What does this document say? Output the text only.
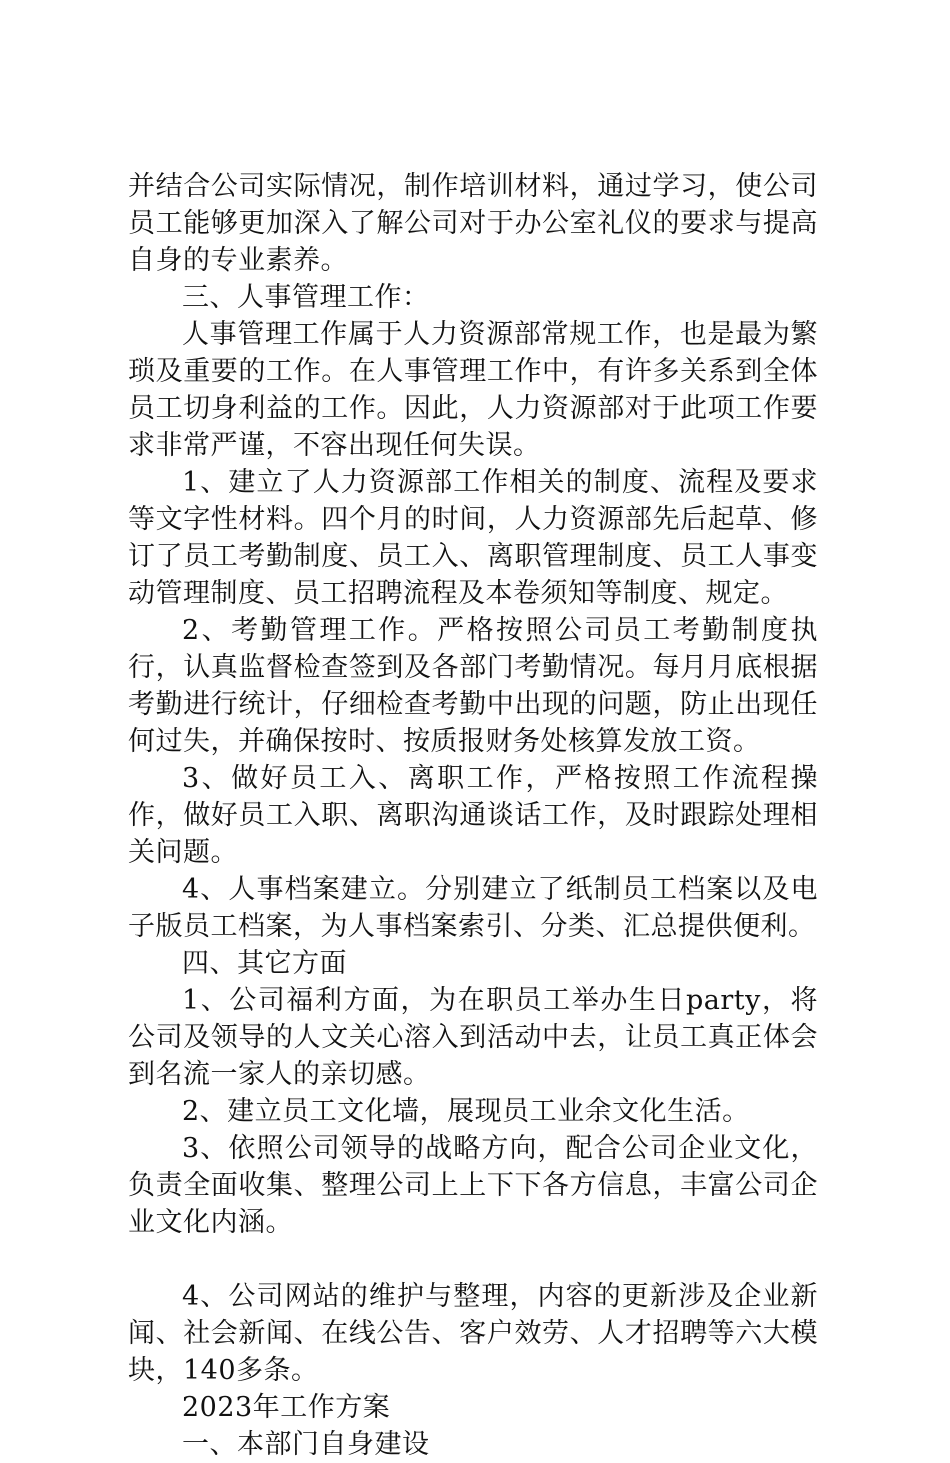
并结合公司实际情况，制作培训材料，通过学习，使公司员工能够更加深入了解公司对于办公室礼仪的要求与提高自身的专业素养。

三、人事管理工作：

人事管理工作属于人力资源部常规工作，也是最为繁琐及重要的工作。在人事管理工作中，有许多关系到全体员工切身利益的工作。因此，人力资源部对于此项工作要求非常严谨，不容出现任何失误。

1、建立了人力资源部工作相关的制度、流程及要求等文字性材料。四个月的时间，人力资源部先后起草、修订了员工考勤制度、员工入、离职管理制度、员工人事变动管理制度、员工招聘流程及本卷须知等制度、规定。

2、考勤管理工作。严格按照公司员工考勤制度执行，认真监督检查签到及各部门考勤情况。每月月底根据考勤进行统计，仔细检查考勤中出现的问题，防止出现任何过失，并确保按时、按质报财务处核算发放工资。

3、做好员工入、离职工作，严格按照工作流程操作，做好员工入职、离职沟通谈话工作，及时跟踪处理相关问题。

4、人事档案建立。分别建立了纸制员工档案以及电子版员工档案，为人事档案索引、分类、汇总提供便利。

四、其它方面

1、公司福利方面，为在职员工举办生日party，将公司及领导的人文关心溶入到活动中去，让员工真正体会到名流一家人的亲切感。

2、建立员工文化墙，展现员工业余文化生活。

3、依照公司领导的战略方向，配合公司企业文化，负责全面收集、整理公司上上下下各方信息，丰富公司企业文化内涵。

4、公司网站的维护与整理，内容的更新涉及企业新闻、社会新闻、在线公告、客户效劳、人才招聘等六大模块，140多条。

2023年工作方案

一、本部门自身建设
